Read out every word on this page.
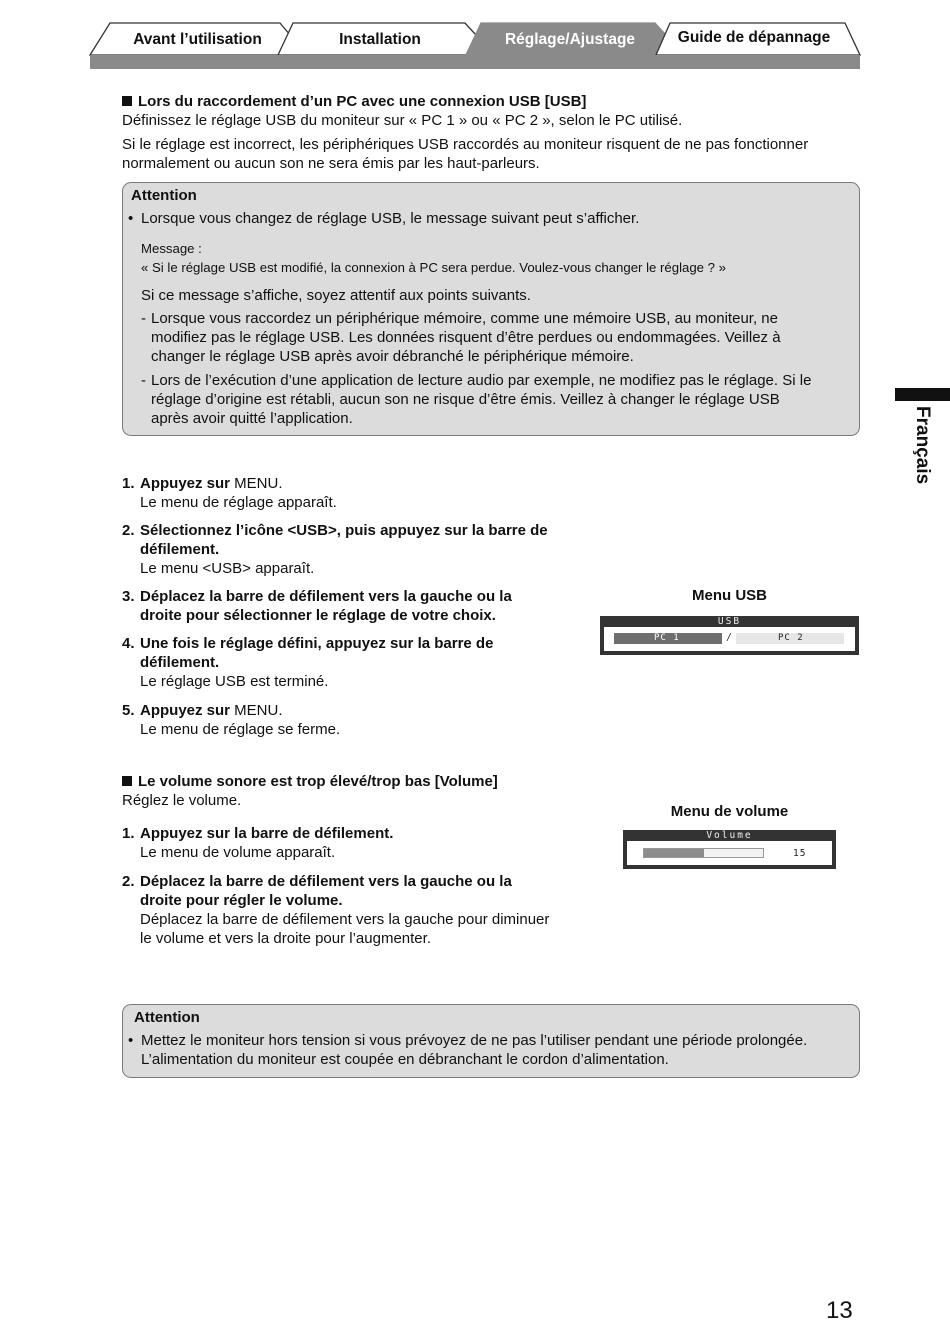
Avant l’utilisation	Installation	Réglage/Ajustage	Guide de dépannage
Lors du raccordement d’un PC avec une connexion USB [USB]
Définissez le réglage USB du moniteur sur « PC 1 » ou « PC 2 », selon le PC utilisé.
Si le réglage est incorrect, les périphériques USB raccordés au moniteur risquent de ne pas fonctionner
normalement ou aucun son ne sera émis par les haut-parleurs.
Attention
• Lorsque vous changez de réglage USB, le message suivant peut s’afficher.
Message :
« Si le réglage USB est modifié, la connexion à PC sera perdue. Voulez-vous changer le réglage ? »
Si ce message s’affiche, soyez attentif aux points suivants.
- Lorsque vous raccordez un périphérique mémoire, comme une mémoire USB, au moniteur, ne
modifiez pas le réglage USB. Les données risquent d’être perdues ou endommagées. Veillez à
changer le réglage USB après avoir débranché le périphérique mémoire.
- Lors de l’exécution d’une application de lecture audio par exemple, ne modifiez pas le réglage. Si le
réglage d’origine est rétabli, aucun son ne risque d’être émis. Veillez à changer le réglage USB
après avoir quitté l’application.	Français
1. Appuyez sur MENU.
Le menu de réglage apparaît.
2. Sélectionnez l’icône <USB>, puis appuyez sur la barre de
défilement.
Le menu <USB> apparaît.
3. Déplacez la barre de défilement vers la gauche ou la
droite pour sélectionner le réglage de votre choix.
4. Une fois le réglage défini, appuyez sur la barre de
défilement.
Le réglage USB est terminé.
5. Appuyez sur MENU.
Le menu de réglage se ferme.
Menu USB
USB
PC 1	/	PC 2
Le volume sonore est trop élevé/trop bas [Volume]
Réglez le volume.
1. Appuyez sur la barre de défilement.
Le menu de volume apparaît.
2. Déplacez la barre de défilement vers la gauche ou la
droite pour régler le volume.
Déplacez la barre de défilement vers la gauche pour diminuer
le volume et vers la droite pour l’augmenter.
Menu de volume
Volume
15
Attention
• Mettez le moniteur hors tension si vous prévoyez de ne pas l’utiliser pendant une période prolongée.
L’alimentation du moniteur est coupée en débranchant le cordon d’alimentation.
13
